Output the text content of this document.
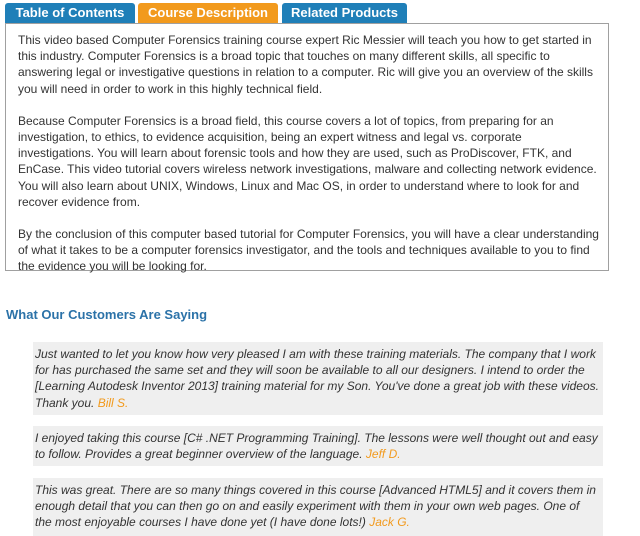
Table of Contents	Course Description	Related Products

This video based Computer Forensics training course expert Ric Messier will teach you how to get started in this industry. Computer Forensics is a broad topic that touches on many different skills, all specific to answering legal or investigative questions in relation to a computer. Ric will give you an overview of the skills you will need in order to work in this highly technical field.

Because Computer Forensics is a broad field, this course covers a lot of topics, from preparing for an investigation, to ethics, to evidence acquisition, being an expert witness and legal vs. corporate investigations. You will learn about forensic tools and how they are used, such as ProDiscover, FTK, and EnCase. This video tutorial covers wireless network investigations, malware and collecting network evidence. You will also learn about UNIX, Windows, Linux and Mac OS, in order to understand where to look for and recover evidence from.

By the conclusion of this computer based tutorial for Computer Forensics, you will have a clear understanding of what it takes to be a computer forensics investigator, and the tools and techniques available to you to find the evidence you will be looking for.

What Our Customers Are Saying
Just wanted to let you know how very pleased I am with these training materials. The company that I work for has purchased the same set and they will soon be available to all our designers. I intend to order the [Learning Autodesk Inventor 2013] training material for my Son. You've done a great job with these videos. Thank you. Bill S.
I enjoyed taking this course [C# .NET Programming Training]. The lessons were well thought out and easy to follow. Provides a great beginner overview of the language. Jeff D.
This was great. There are so many things covered in this course [Advanced HTML5] and it covers them in enough detail that you can then go on and easily experiment with them in your own web pages. One of the most enjoyable courses I have done yet (I have done lots!) Jack G.
